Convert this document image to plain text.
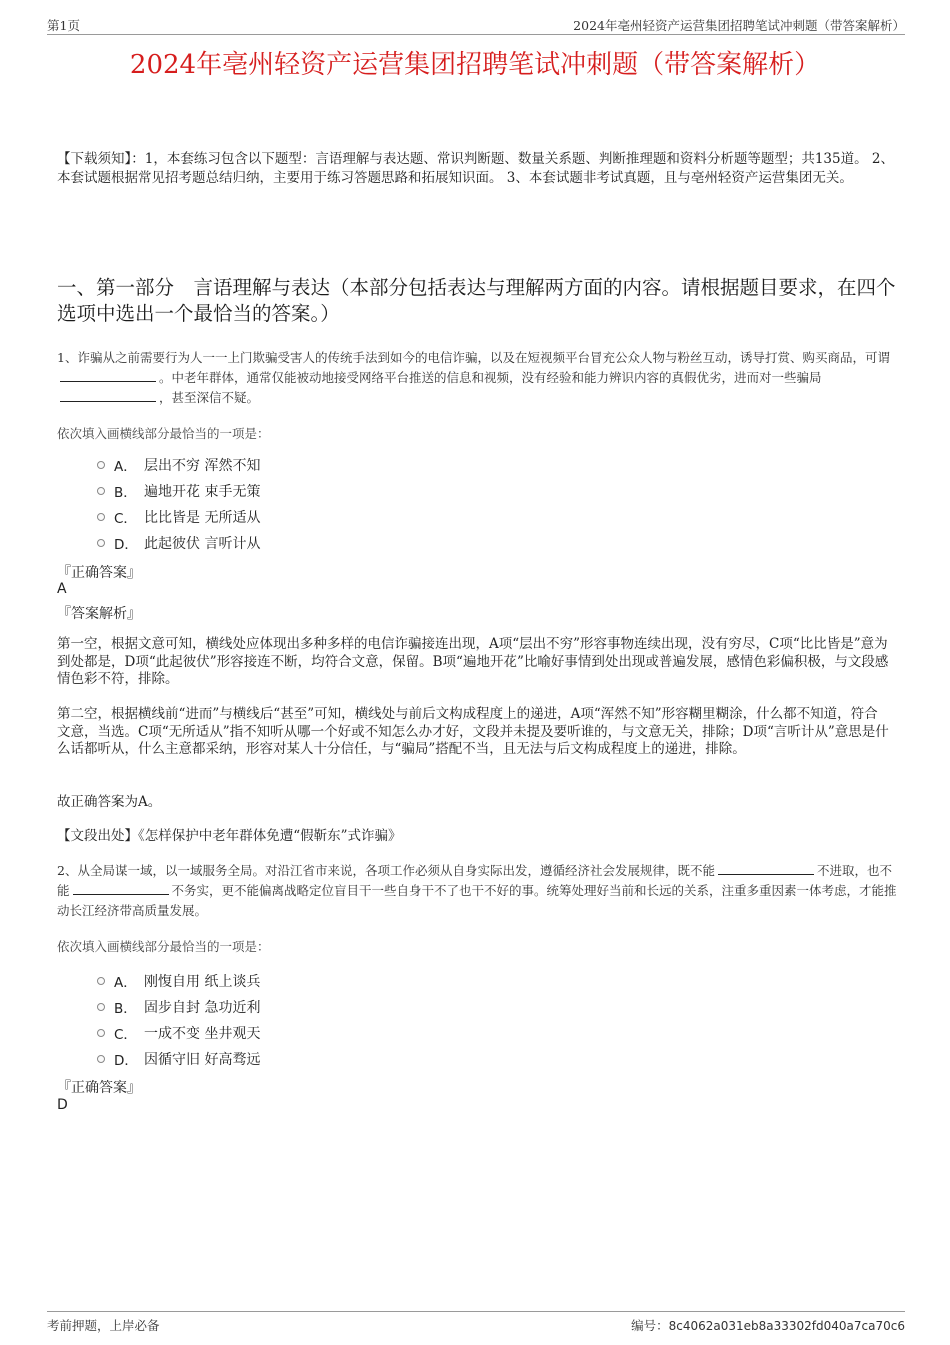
第1页	2024年亳州轻资产运营集团招聘笔试冲刺题（带答案解析）
2024年亳州轻资产运营集团招聘笔试冲刺题（带答案解析）

【下载须知】：1，本套练习包含以下题型：言语理解与表达题、常识判断题、数量关系题、判断推理题和资料分析题等题型；共135道。 2、本套试题根据常见招考题总结归纳，主要用于练习答题思路和拓展知识面。 3、本套试题非考试真题，且与亳州轻资产运营集团无关。

一、第一部分　言语理解与表达（本部分包括表达与理解两方面的内容。请根据题目要求，在四个选项中选出一个最恰当的答案。）

1、诈骗从之前需要行为人一一上门欺骗受害人的传统手法到如今的电信诈骗，以及在短视频平台冒充公众人物与粉丝互动，诱导打赏、购买商品，可谓。中老年群体，通常仅能被动地接受网络平台推送的信息和视频，没有经验和能力辨识内容的真假优劣，进而对一些骗局，甚至深信不疑。

依次填入画横线部分最恰当的一项是：

A． 层出不穷 浑然不知
B． 遍地开花 束手无策
C． 比比皆是 无所适从
D． 此起彼伏 言听计从

『正确答案』

A

『答案解析』

第一空，根据文意可知，横线处应体现出多种多样的电信诈骗接连出现，A项“层出不穷”形容事物连续出现，没有穷尽，C项“比比皆是”意为到处都是，D项“此起彼伏”形容接连不断，均符合文意，保留。B项“遍地开花”比喻好事情到处出现或普遍发展，感情色彩偏积极，与文段感情色彩不符，排除。

第二空，根据横线前“进而”与横线后“甚至”可知，横线处与前后文构成程度上的递进，A项“浑然不知”形容糊里糊涂，什么都不知道，符合文意，当选。C项“无所适从”指不知听从哪一个好或不知怎么办才好，文段并未提及要听谁的，与文意无关，排除；D项“言听计从”意思是什么话都听从，什么主意都采纳，形容对某人十分信任，与“骗局”搭配不当，且无法与后文构成程度上的递进，排除。

故正确答案为A。

【文段出处】《怎样保护中老年群体免遭“假靳东”式诈骗》

2、从全局谋一域，以一域服务全局。对沿江省市来说，各项工作必须从自身实际出发，遵循经济社会发展规律，既不能	不进取，也不能	不务实，更不能偏离战略定位盲目干一些自身干不了也干不好的事。统筹处理好当前和长远的关系，注重多重因素一体考虑，才能推动长江经济带高质量发展。

依次填入画横线部分最恰当的一项是：

A． 刚愎自用 纸上谈兵
B． 固步自封 急功近利
C． 一成不变 坐井观天
D． 因循守旧 好高骛远

『正确答案』

D

考前押题，上岸必备	编号：8c4062a031eb8a33302fd040a7ca70c6
